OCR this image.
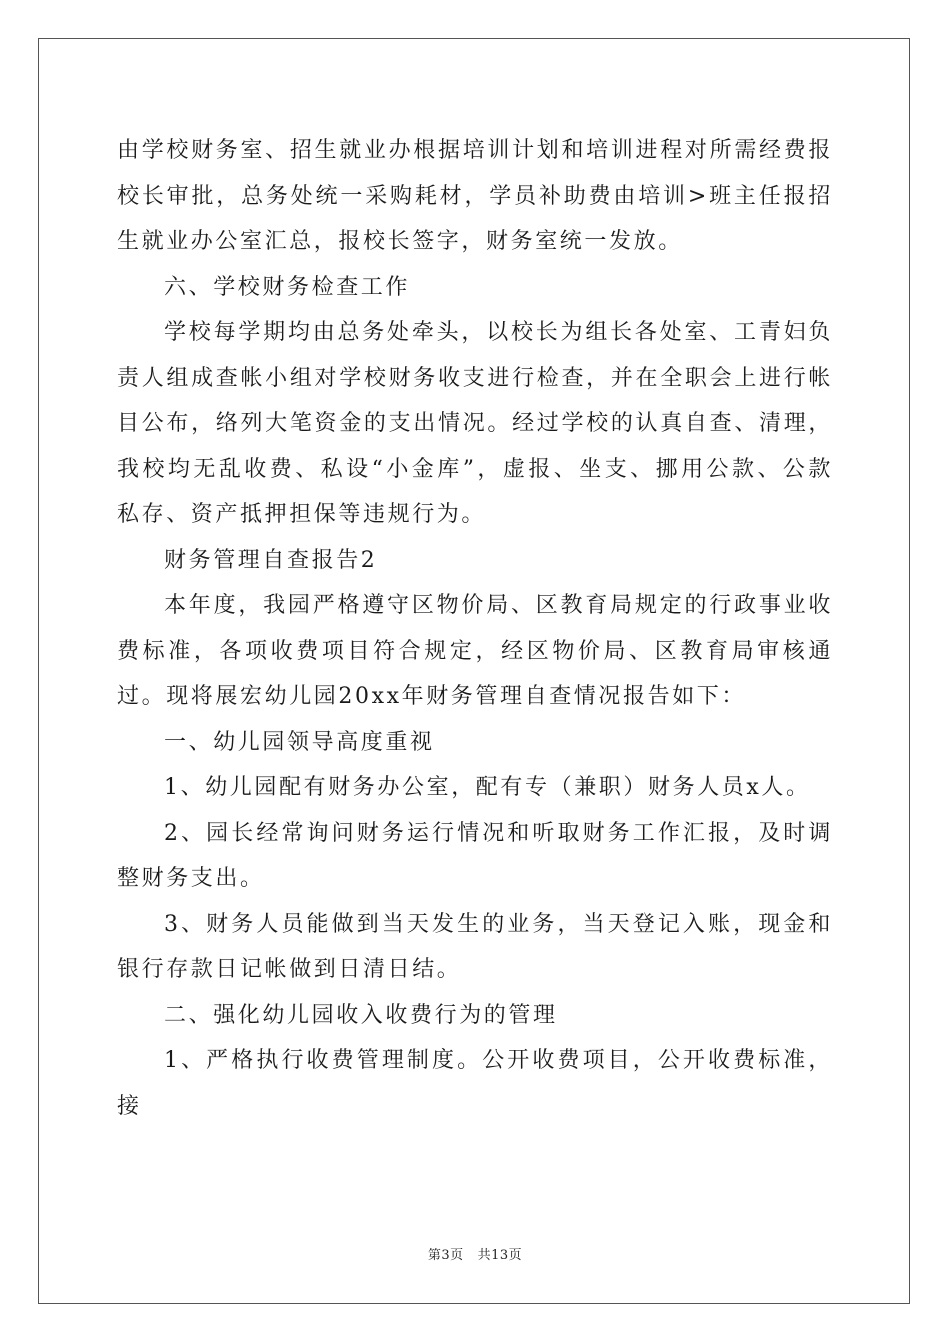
由学校财务室、招生就业办根据培训计划和培训进程对所需经费报校长审批，总务处统一采购耗材，学员补助费由培训>班主任报招生就业办公室汇总，报校长签字，财务室统一发放。

六、学校财务检查工作

学校每学期均由总务处牵头，以校长为组长各处室、工青妇负责人组成查帐小组对学校财务收支进行检查，并在全职会上进行帐目公布，络列大笔资金的支出情况。经过学校的认真自查、清理，我校均无乱收费、私设“小金库”，虚报、坐支、挪用公款、公款私存、资产抵押担保等违规行为。

财务管理自查报告2

本年度，我园严格遵守区物价局、区教育局规定的行政事业收费标准，各项收费项目符合规定，经区物价局、区教育局审核通过。现将展宏幼儿园20xx年财务管理自查情况报告如下：

一、幼儿园领导高度重视

1、幼儿园配有财务办公室，配有专（兼职）财务人员x人。

2、园长经常询问财务运行情况和听取财务工作汇报，及时调整财务支出。

3、财务人员能做到当天发生的业务，当天登记入账，现金和银行存款日记帐做到日清日结。

二、强化幼儿园收入收费行为的管理

1、严格执行收费管理制度。公开收费项目，公开收费标准，接

第3页 共13页
